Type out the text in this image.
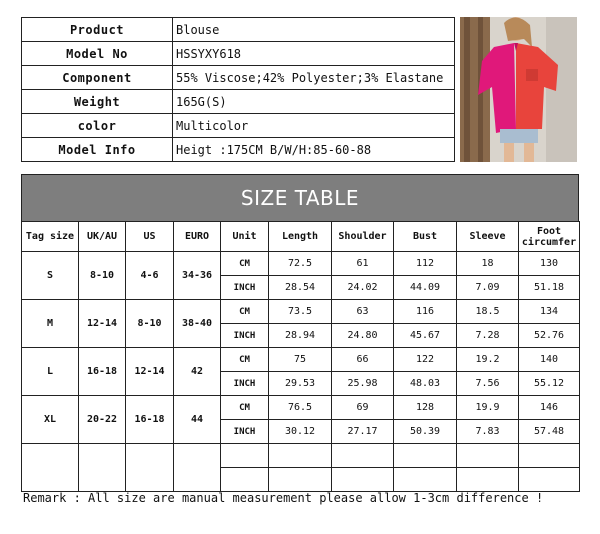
Product	Blouse
Model No	HSSYXY618
Component	55% Viscose;42% Polyester;3% Elastane
Weight	165G(S)
color	Multicolor
Model Info	Heigt :175CM B/W/H:85-60-88
SIZE TABLE
Tag size	UK/AU	US	EURO	Unit	Length	Shoulder	Bust	Sleeve	Foot circumfer
S	8-10	4-6	34-36	CM	72.5	61	112	18	130
				INCH	28.54	24.02	44.09	7.09	51.18
M	12-14	8-10	38-40	CM	73.5	63	116	18.5	134
				INCH	28.94	24.80	45.67	7.28	52.76
L	16-18	12-14	42	CM	75	66	122	19.2	140
				INCH	29.53	25.98	48.03	7.56	55.12
XL	20-22	16-18	44	CM	76.5	69	128	19.9	146
				INCH	30.12	27.17	50.39	7.83	57.48

Remark : All size are manual measurement please allow 1-3cm difference !
